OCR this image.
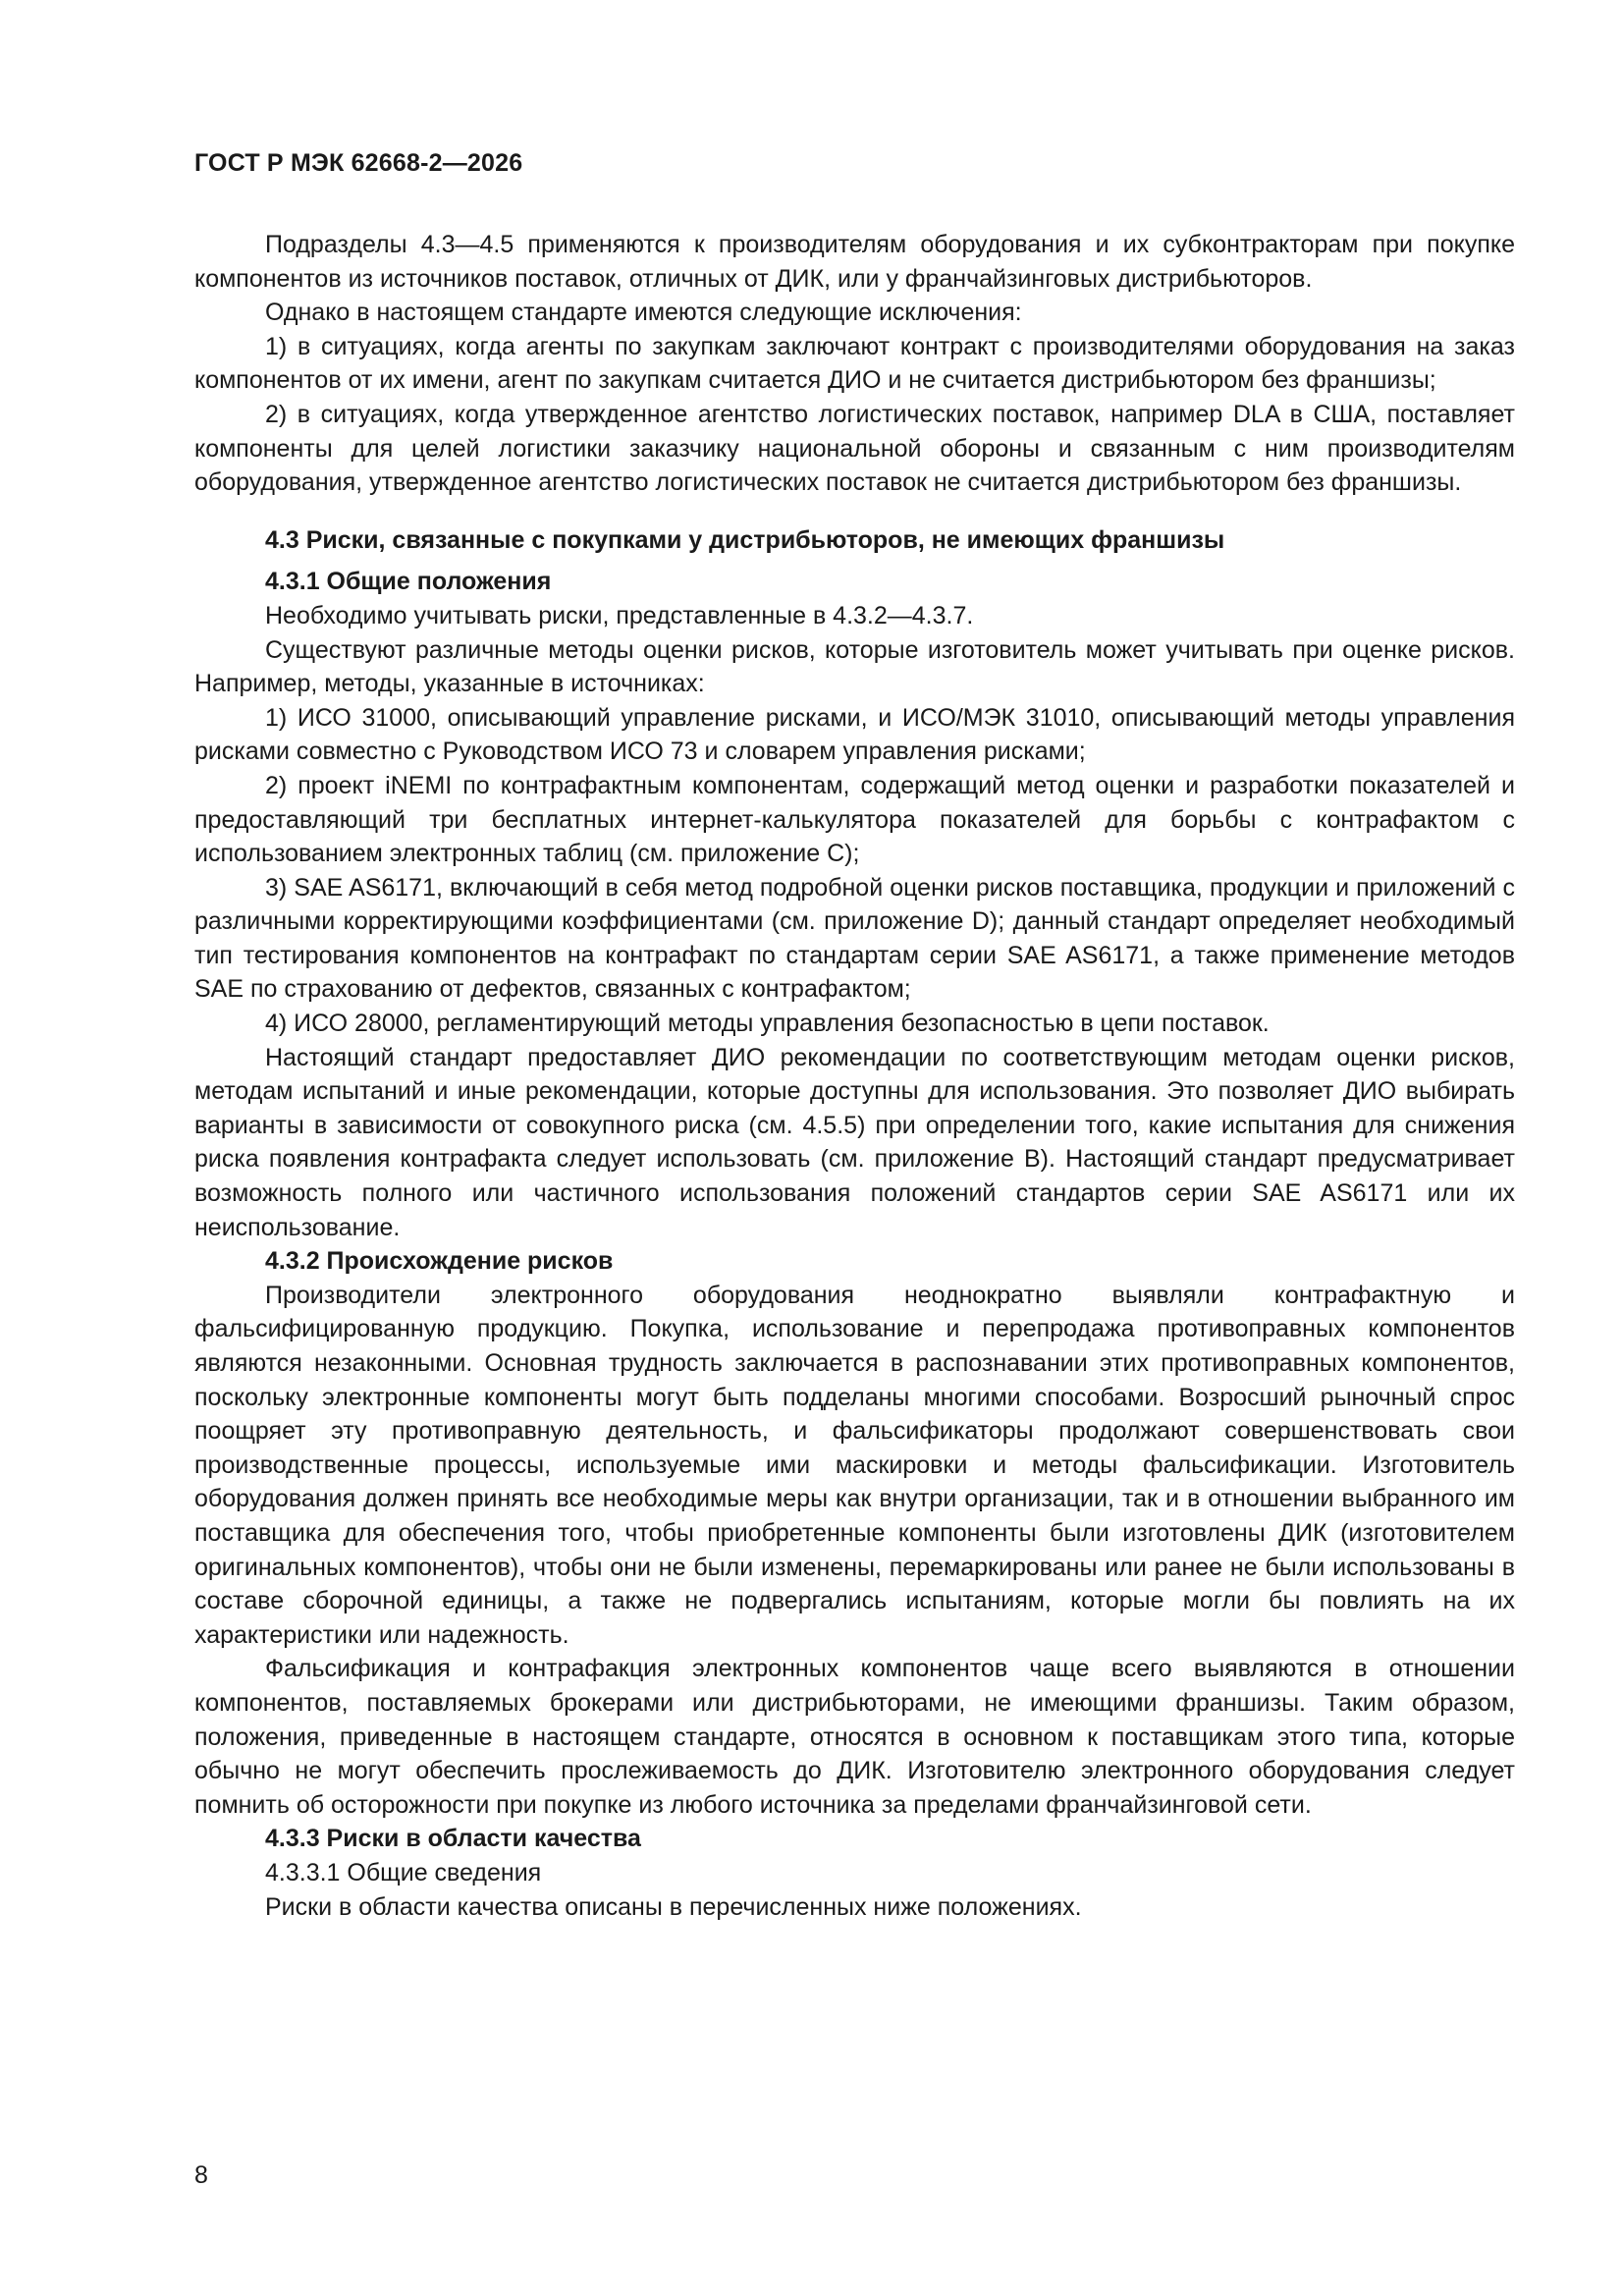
ГОСТ Р МЭК 62668-2—2026

Подразделы 4.3—4.5 применяются к производителям оборудования и их субконтракторам при покупке компонентов из источников поставок, отличных от ДИК, или у франчайзинговых дистрибьюторов.

Однако в настоящем стандарте имеются следующие исключения:

1) в ситуациях, когда агенты по закупкам заключают контракт с производителями оборудования на заказ компонентов от их имени, агент по закупкам считается ДИО и не считается дистрибьютором без франшизы;

2) в ситуациях, когда утвержденное агентство логистических поставок, например DLA в США, поставляет компоненты для целей логистики заказчику национальной обороны и связанным с ним производителям оборудования, утвержденное агентство логистических поставок не считается дистрибьютором без франшизы.

4.3 Риски, связанные с покупками у дистрибьюторов, не имеющих франшизы

4.3.1 Общие положения

Необходимо учитывать риски, представленные в 4.3.2—4.3.7.

Существуют различные методы оценки рисков, которые изготовитель может учитывать при оценке рисков. Например, методы, указанные в источниках:

1) ИСО 31000, описывающий управление рисками, и ИСО/МЭК 31010, описывающий методы управления рисками совместно с Руководством ИСО 73 и словарем управления рисками;

2) проект iNEMI по контрафактным компонентам, содержащий метод оценки и разработки показателей и предоставляющий три бесплатных интернет-калькулятора показателей для борьбы с контрафактом с использованием электронных таблиц (см. приложение С);

3) SAE AS6171, включающий в себя метод подробной оценки рисков поставщика, продукции и приложений с различными корректирующими коэффициентами (см. приложение D); данный стандарт определяет необходимый тип тестирования компонентов на контрафакт по стандартам серии SAE AS6171, а также применение методов SAE по страхованию от дефектов, связанных с контрафактом;

4) ИСО 28000, регламентирующий методы управления безопасностью в цепи поставок.

Настоящий стандарт предоставляет ДИО рекомендации по соответствующим методам оценки рисков, методам испытаний и иные рекомендации, которые доступны для использования. Это позволяет ДИО выбирать варианты в зависимости от совокупного риска (см. 4.5.5) при определении того, какие испытания для снижения риска появления контрафакта следует использовать (см. приложение В). Настоящий стандарт предусматривает возможность полного или частичного использования положений стандартов серии SAE AS6171 или их неиспользование.

4.3.2 Происхождение рисков

Производители электронного оборудования неоднократно выявляли контрафактную и фальсифицированную продукцию. Покупка, использование и перепродажа противоправных компонентов являются незаконными. Основная трудность заключается в распознавании этих противоправных компонентов, поскольку электронные компоненты могут быть подделаны многими способами. Возросший рыночный спрос поощряет эту противоправную деятельность, и фальсификаторы продолжают совершенствовать свои производственные процессы, используемые ими маскировки и методы фальсификации. Изготовитель оборудования должен принять все необходимые меры как внутри организации, так и в отношении выбранного им поставщика для обеспечения того, чтобы приобретенные компоненты были изготовлены ДИК (изготовителем оригинальных компонентов), чтобы они не были изменены, перемаркированы или ранее не были использованы в составе сборочной единицы, а также не подвергались испытаниям, которые могли бы повлиять на их характеристики или надежность.

Фальсификация и контрафакция электронных компонентов чаще всего выявляются в отношении компонентов, поставляемых брокерами или дистрибьюторами, не имеющими франшизы. Таким образом, положения, приведенные в настоящем стандарте, относятся в основном к поставщикам этого типа, которые обычно не могут обеспечить прослеживаемость до ДИК. Изготовителю электронного оборудования следует помнить об осторожности при покупке из любого источника за пределами франчайзинговой сети.

4.3.3 Риски в области качества

4.3.3.1 Общие сведения

Риски в области качества описаны в перечисленных ниже положениях.

8
